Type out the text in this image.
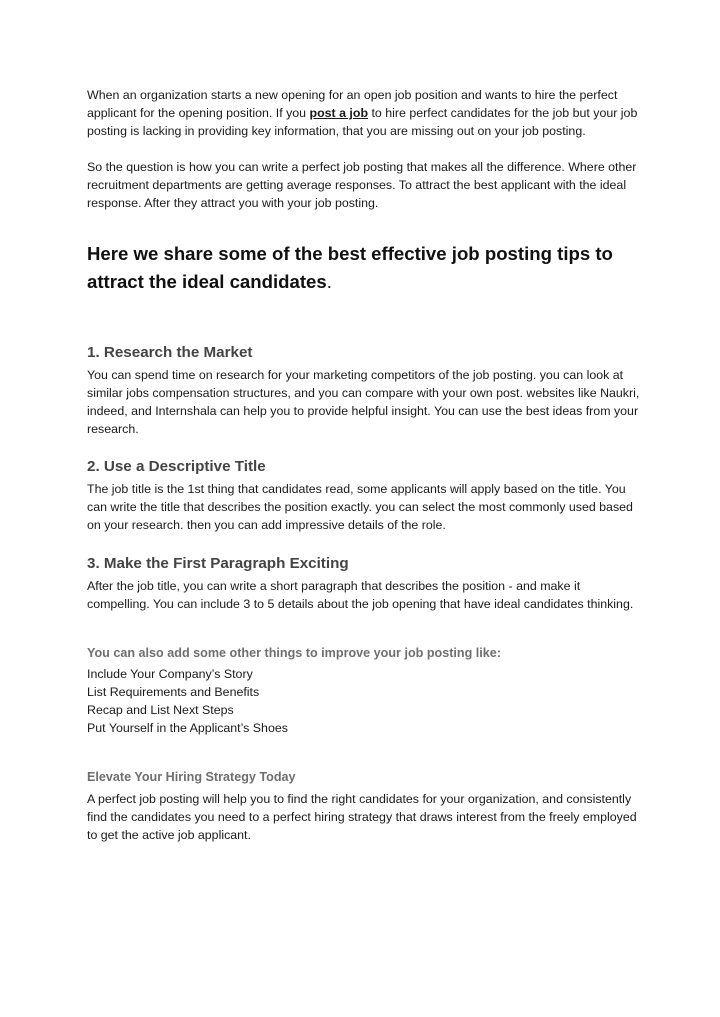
When an organization starts a new opening for an open job position and wants to hire the perfect applicant for the opening position. If you post a job to hire perfect candidates for the job but your job posting is lacking in providing key information, that you are missing out on your job posting.

So the question is how you can write a perfect job posting that makes all the difference. Where other recruitment departments are getting average responses. To attract the best applicant with the ideal response. After they attract you with your job posting.

Here we share some of the best effective job posting tips to attract the ideal candidates.
1. Research the Market

You can spend time on research for your marketing competitors of the job posting. you can look at similar jobs compensation structures, and you can compare with your own post. websites like Naukri, indeed, and Internshala can help you to provide helpful insight. You can use the best ideas from your research.

2. Use a Descriptive Title

The job title is the 1st thing that candidates read, some applicants will apply based on the title. You can write the title that describes the position exactly. you can select the most commonly used based on your research. then you can add impressive details of the role.

3. Make the First Paragraph Exciting

After the job title, you can write a short paragraph that describes the position - and make it compelling. You can include 3 to 5 details about the job opening that have ideal candidates thinking.

You can also add some other things to improve your job posting like:
Include Your Company’s Story
List Requirements and Benefits
Recap and List Next Steps
Put Yourself in the Applicant’s Shoes
Elevate Your Hiring Strategy Today

A perfect job posting will help you to find the right candidates for your organization, and consistently find the candidates you need to a perfect hiring strategy that draws interest from the freely employed to get the active job applicant.
